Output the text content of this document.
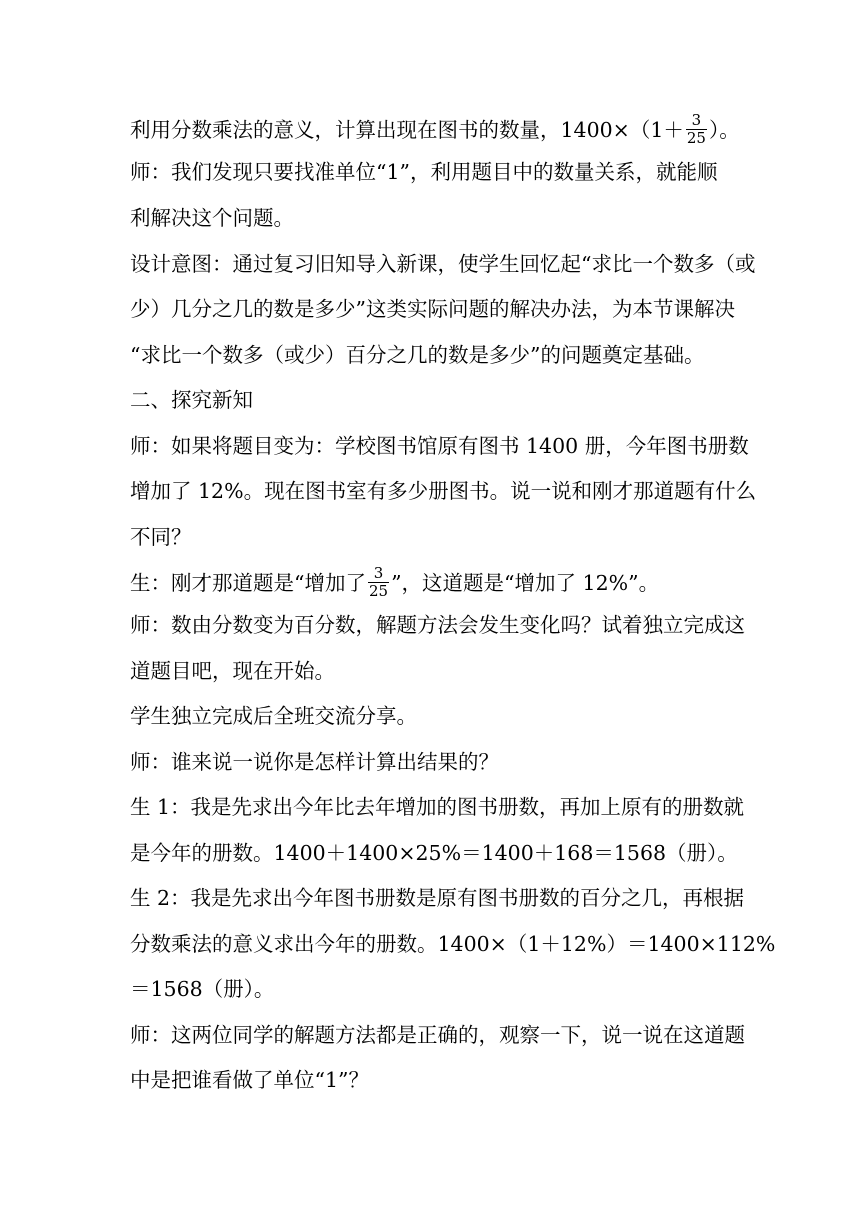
利用分数乘法的意义，计算出现在图书的数量，$1400\times(1+ \frac{3}{25}$ ）。
师：我们发现只要找准单位“1”，利用题目中的数量关系，就能顺
利解决这个问题。
设计意图：通过复习旧知导入新课，使学生回忆起“求比一个数多（或
少）几分之几的数是多少”这类实际问题的解决办法，为本节课解决
“求比一个数多（或少）百分之几的数是多少”的问题奠定基础。
二、探究新知
师：如果将题目变为：学校图书馆原有图书 1400 册，今年图书册数
增加了 12%。现在图书室有多少册图书。说一说和刚才那道题有什么
不同？
生：刚才那道题是“增加了 $\frac{3}{25}$ ”，这道题是“增加了 12%”。
师：数由分数变为百分数，解题方法会发生变化吗？试着独立完成这
道题目吧，现在开始。
学生独立完成后全班交流分享。
师：谁来说一说你是怎样计算出结果的？
生 1：我是先求出今年比去年增加的图书册数，再加上原有的册数就
是今年的册数。1400＋1400×25%＝1400＋168＝1568（册）。
生 2：我是先求出今年图书册数是原有图书册数的百分之几，再根据
分数乘法的意义求出今年的册数。1400×（1＋12%）＝1400×112%
＝1568（册）。
师：这两位同学的解题方法都是正确的，观察一下，说一说在这道题
中是把谁看做了单位“1”？
